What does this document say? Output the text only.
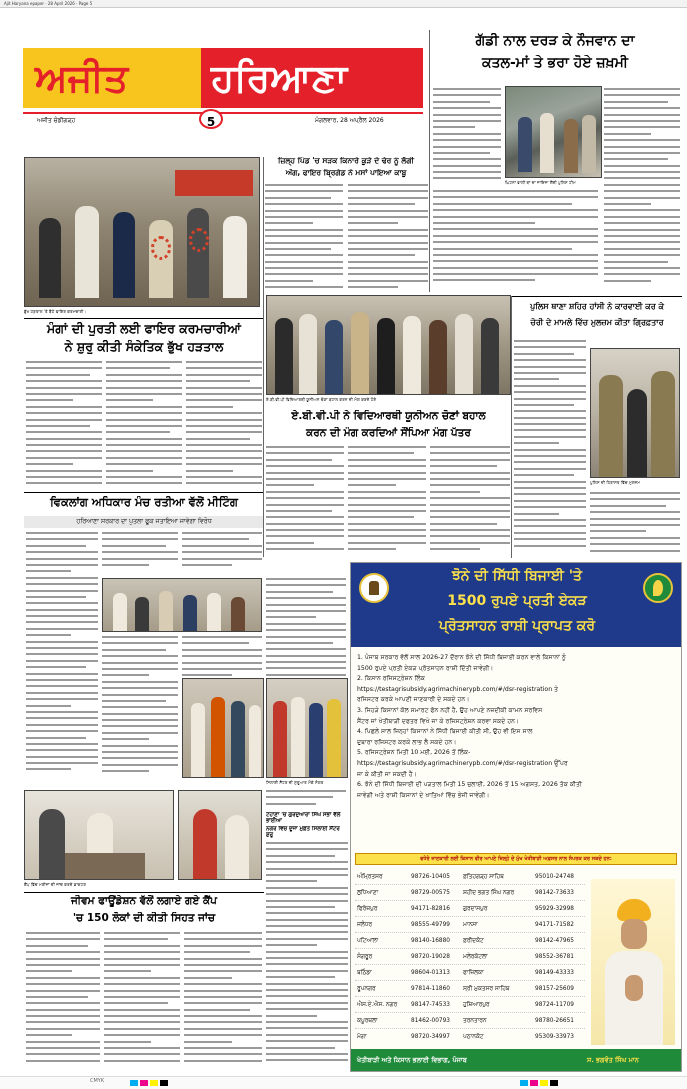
Ajit Haryana epaper · 28 April 2026 · Page 5
ਅਜੀਤ	ਹਰਿਆਣਾ
5
ਅਜੀਤ ਚੰਡੀਗੜ੍ਹ	ਮੰਗਲਵਾਰ, 28 ਅਪ੍ਰੈਲ 2026
ਗੱਡੀ ਨਾਲ ਦਰੜ ਕੇ ਨੌਜਵਾਨ ਦਾ
ਕਤਲ-ਮਾਂ ਤੇ ਭਰਾ ਹੋਏ ਜ਼ਖ਼ਮੀ
ਘਿਟਨਾ ਵਾਲੀ ਥਾਂ ਦਾ ਜਾਇਜ਼ਾ ਲੈਂਦੀ ਪੁਲਿਸ ਟੀਮ
ਜ਼ਿਲ੍ਹ ਪਿੰਡ 'ਚ ਸੜਕ ਕਿਨਾਰੇ ਕੂੜੇ ਦੇ ਢੇਰ ਨੂੰ ਲੱਗੀ
ਅੱਗ, ਫਾਇਰ ਬ੍ਰਿਗੇਡ ਨੇ ਮਸਾਂ ਪਾਇਆ ਕਾਬੂ
ਭੁੱਖ ਹੜਤਾਲ 'ਤੇ ਬੈਠੇ ਫਾਇਰ ਕਰਮਚਾਰੀ।
ਮੰਗਾਂ ਦੀ ਪੂਰਤੀ ਲਈ ਫਾਇਰ ਕਰਮਚਾਰੀਆਂ
ਨੇ ਸ਼ੁਰੂ ਕੀਤੀ ਸੰਕੇਤਿਕ ਭੁੱਖ ਹੜਤਾਲ
ਏ.ਬੀ.ਵੀ.ਪੀ ਵਿਦਿਆਰਥੀ ਯੂਨੀਅਨ ਚੋਣਾਂ ਬਹਾਲ ਕਰਨ ਦੀ ਮੰਗ ਕਰਦੇ ਹੋਏ
ਏ.ਬੀ.ਵੀ.ਪੀ ਨੇ ਵਿਦਿਆਰਥੀ ਯੂਨੀਅਨ ਚੋਣਾਂ ਬਹਾਲ
ਕਰਨ ਦੀ ਮੰਗ ਕਰਦਿਆਂ ਸੌਂਪਿਆ ਮੰਗ ਪੱਤਰ
ਪੁਲਿਸ ਥਾਣਾ ਸ਼ਹਿਰ ਹਾਂਸੀ ਨੇ ਕਾਰਵਾਈ ਕਰ ਕੇ
ਚੋਰੀ ਦੇ ਮਾਮਲੇ ਵਿੱਚ ਮੁਲਜ਼ਮ ਕੀਤਾ ਗ੍ਰਿਫ਼ਤਾਰ
ਪੁਲਿਸ ਦੀ ਹਿਰਾਸਤ ਵਿੱਚ ਮੁਲਜ਼ਮ
ਵਿਕਲਾਂਗ ਅਧਿਕਾਰ ਮੰਚ ਰਤੀਆ ਵੱਲੋਂ ਮੀਟਿੰਗ
ਹਰਿਆਣਾ ਸਰਕਾਰ ਦਾ ਪੁਤਲਾ ਫੂਕ ਜਤਾਇਆ ਜਾਵੇਗਾ ਵਿਰੋਧ
ਸਿਲਾਈ ਸੈਂਟਰ ਦੀ ਸ਼ੁਰੂਆਤ ਮੌਕੇ ਸੰਗਤ
ਟੋਹਾਣਾ 'ਚ ਗੁਰਦੁਆਰਾ ਸਿੰਘ ਸਭਾ ਵੱਲੋਂ ਭਾਈਆ
ਨਗਰ ਵਿਚ ਦੂਜਾ ਮੁਫ਼ਤ ਸਿਲਾਈ ਸੈਂਟਰ ਸ਼ੁਰੂ
ਕੈਂਪ ਵਿੱਚ ਮਰੀਜ਼ਾਂ ਦੀ ਜਾਂਚ ਕਰਦੇ ਡਾਕਟਰ
ਜੀਵਮ ਫਾਊਂਡੇਸ਼ਨ ਵੱਲੋਂ ਲਗਾਏ ਗਏ ਕੈਂਪ
'ਚ 150 ਲੋਕਾਂ ਦੀ ਕੀਤੀ ਸਿਹਤ ਜਾਂਚ
ਝੋਨੇ ਦੀ ਸਿੱਧੀ ਬਿਜਾਈ 'ਤੇ
1500 ਰੁਪਏ ਪ੍ਰਤੀ ਏਕੜ
ਪ੍ਰੋਤਸਾਹਨ ਰਾਸ਼ੀ ਪ੍ਰਾਪਤ ਕਰੋ
1. ਪੰਜਾਬ ਸਰਕਾਰ ਵੱਲੋਂ ਸਾਲ 2026-27 ਦੌਰਾਨ ਝੋਨੇ ਦੀ ਸਿੱਧੀ ਬਿਜਾਈ ਕਰਨ ਵਾਲੇ ਕਿਸਾਨਾਂ ਨੂੰ
1500 ਰੁਪਏ ਪ੍ਰਤੀ ਏਕੜ ਪ੍ਰੋਤਸਾਹਨ ਰਾਸ਼ੀ ਦਿੱਤੀ ਜਾਵੇਗੀ।
2. ਕਿਸਾਨ ਰਜਿਸਟ੍ਰੇਸ਼ਨ ਲਿੰਕ
https://testagrisubsidy.agrimachinerypb.com/#/dsr-registration ਤੇ
ਰਜਿਸਟਰ ਕਰਕੇ ਆਪਣੀ ਜਾਣਕਾਰੀ ਦੇ ਸਕਦੇ ਹਨ।
3. ਜਿਹੜੇ ਕਿਸਾਨਾਂ ਕੋਲ ਸਮਾਰਟ ਫੋਨ ਨਹੀਂ ਹੈ, ਉਹ ਆਪਣੇ ਨਜ਼ਦੀਕੀ ਕਾਮਨ ਸਰਵਿਸ
ਸੈਂਟਰ ਜਾਂ ਖੇਤੀਬਾੜੀ ਦਫਤਰ ਵਿਖੇ ਜਾ ਕੇ ਰਜਿਸਟ੍ਰੇਸ਼ਨ ਕਰਵਾ ਸਕਦੇ ਹਨ।
4. ਪਿਛਲੇ ਸਾਲ ਜਿਨ੍ਹਾਂ ਕਿਸਾਨਾਂ ਨੇ ਸਿੱਧੀ ਬਿਜਾਈ ਕੀਤੀ ਸੀ, ਉਹ ਵੀ ਇਸ ਸਾਲ
ਦੁਬਾਰਾ ਰਜਿਸਟਰ ਕਰਕੇ ਲਾਭ ਲੈ ਸਕਦੇ ਹਨ।
5. ਰਜਿਸਟ੍ਰੇਸ਼ਨ ਮਿਤੀ 10 ਮਈ, 2026 ਤੋਂ ਲਿੰਕ-
https://testagrisubsidy.agrimachinerypb.com/#/dsr-registration ਉੱਪਰ
ਜਾ ਕੇ ਕੀਤੀ ਜਾ ਸਕਦੀ ਹੈ।
6. ਝੋਨੇ ਦੀ ਸਿੱਧੀ ਬਿਜਾਈ ਦੀ ਪੜਤਾਲ ਮਿਤੀ 15 ਜੁਲਾਈ, 2026 ਤੋਂ 15 ਅਗਸਤ, 2026 ਤੱਕ ਕੀਤੀ
ਜਾਵੇਗੀ ਅਤੇ ਰਾਸ਼ੀ ਕਿਸਾਨਾਂ ਦੇ ਖਾਤਿਆਂ ਵਿੱਚ ਭੇਜੀ ਜਾਵੇਗੀ।
ਵਧੇਰੇ ਜਾਣਕਾਰੀ ਲਈ ਕਿਸਾਨ ਵੀਰ ਆਪਣੇ ਜ਼ਿਲ੍ਹੇ ਦੇ ਮੁੱਖ ਖੇਤੀਬਾੜੀ ਅਫ਼ਸਰ ਨਾਲ ਸੰਪਰਕ ਕਰ ਸਕਦੇ ਹਨ:
ਅੰਮ੍ਰਿਤਸਰ	98726-10405 ਫ਼ਤਿਹਗੜ੍ਹ ਸਾਹਿਬ	95010-24748
ਲੁਧਿਆਣਾ	98729-00575 ਸ਼ਹੀਦ ਭਗਤ ਸਿੰਘ ਨਗਰ	98142-73633
ਫਿਰੋਜ਼ਪੁਰ	94171-82816 ਗੁਰਦਾਸਪੁਰ	95929-32998
ਜਲੰਧਰ	98555-49799 ਮਾਨਸਾ	94171-71582
ਪਟਿਆਲਾ	98140-16880 ਫ਼ਰੀਦਕੋਟ	98142-47965
ਸੰਗਰੂਰ	98720-19028 ਮਲੇਰਕੋਟਲਾ	98552-36781
ਬਠਿੰਡਾ	98604-01313 ਫਾਜ਼ਿਲਕਾ	98149-43333
ਰੂਪਨਗਰ	97814-11860 ਸ੍ਰੀ ਮੁਕਤਸਰ ਸਾਹਿਬ	98157-25609
ਐਸ.ਏ.ਐਸ. ਨਗਰ 98147-74533 ਹੁਸ਼ਿਆਰਪੁਰ	98724-11709
ਕਪੂਰਥਲਾ	81462-00793 ਤਰਨਤਾਰਨ	98780-26651
ਮੋਗਾ	98720-34997 ਪਠਾਨਕੋਟ	95309-33973
ਖੇਤੀਬਾੜੀ ਅਤੇ ਕਿਸਾਨ ਭਲਾਈ ਵਿਭਾਗ, ਪੰਜਾਬ	ਸ. ਭਗਵੰਤ ਸਿੰਘ ਮਾਨ
CMYK
